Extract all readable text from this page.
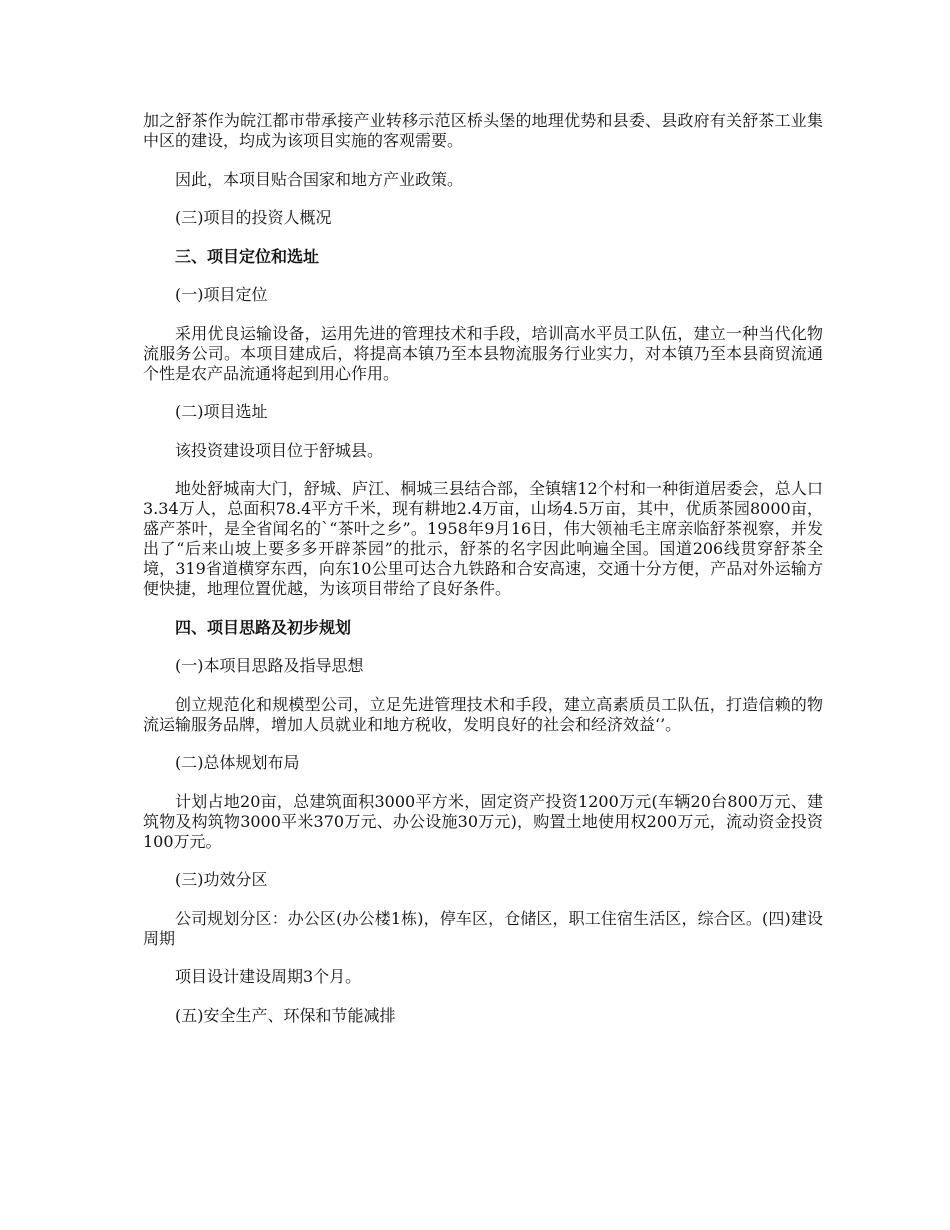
加之舒茶作为皖江都市带承接产业转移示范区桥头堡的地理优势和县委、县政府有关舒茶工业集中区的建设，均成为该项目实施的客观需要。

因此，本项目贴合国家和地方产业政策。

(三)项目的投资人概况

三、项目定位和选址

(一)项目定位

采用优良运输设备，运用先进的管理技术和手段，培训高水平员工队伍，建立一种当代化物流服务公司。本项目建成后，将提高本镇乃至本县物流服务行业实力，对本镇乃至本县商贸流通个性是农产品流通将起到用心作用。

(二)项目选址

该投资建设项目位于舒城县。

地处舒城南大门，舒城、庐江、桐城三县结合部，全镇辖12个村和一种街道居委会，总人口3.34万人，总面积78.4平方千米，现有耕地2.4万亩，山场4.5万亩，其中，优质茶园8000亩，盛产茶叶，是全省闻名的`“茶叶之乡”。1958年9月16日，伟大领袖毛主席亲临舒茶视察，并发出了“后来山坡上要多多开辟茶园”的批示，舒茶的名字因此响遍全国。国道206线贯穿舒茶全境，319省道横穿东西，向东10公里可达合九铁路和合安高速，交通十分方便，产品对外运输方便快捷，地理位置优越，为该项目带给了良好条件。

四、项目思路及初步规划

(一)本项目思路及指导思想

创立规范化和规模型公司，立足先进管理技术和手段，建立高素质员工队伍，打造信赖的物流运输服务品牌，增加人员就业和地方税收，发明良好的社会和经济效益‘’。

(二)总体规划布局

计划占地20亩，总建筑面积3000平方米，固定资产投资1200万元(车辆20台800万元、建筑物及构筑物3000平米370万元、办公设施30万元)，购置土地使用权200万元，流动资金投资100万元。

(三)功效分区

公司规划分区：办公区(办公楼1栋)，停车区，仓储区，职工住宿生活区，综合区。(四)建设周期

项目设计建设周期3个月。

(五)安全生产、环保和节能减排
